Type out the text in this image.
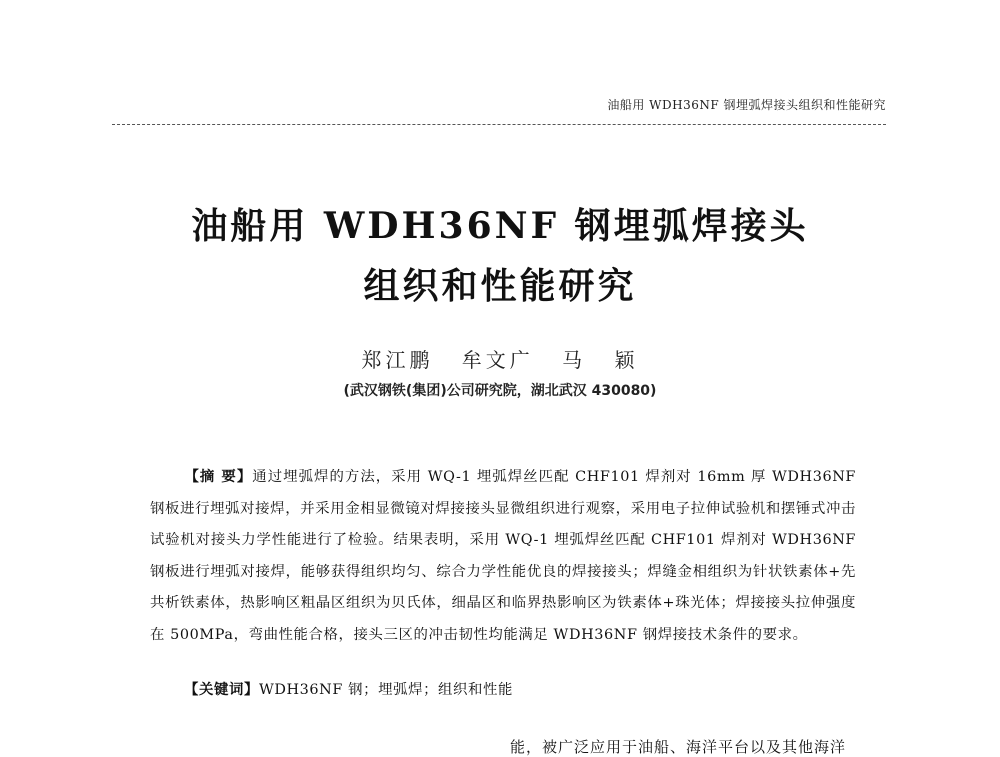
油船用 WDH36NF 钢埋弧焊接头组织和性能研究
油船用 WDH36NF 钢埋弧焊接头
组织和性能研究
郑江鹏 牟文广 马 颖
(武汉钢铁(集团)公司研究院，湖北武汉 430080)
【摘 要】通过埋弧焊的方法，采用 WQ-1 埋弧焊丝匹配 CHF101 焊剂对 16mm 厚 WDH36NF 钢板进行埋弧对接焊，并采用金相显微镜对焊接接头显微组织进行观察，采用电子拉伸试验机和摆锤式冲击试验机对接头力学性能进行了检验。结果表明，采用 WQ-1 埋弧焊丝匹配 CHF101 焊剂对 WDH36NF 钢板进行埋弧对接焊，能够获得组织均匀、综合力学性能优良的焊接接头；焊缝金相组织为针状铁素体+先共析铁素体，热影响区粗晶区组织为贝氏体，细晶区和临界热影响区为铁素体+珠光体；焊接接头拉伸强度在 500MPa，弯曲性能合格，接头三区的冲击韧性均能满足 WDH36NF 钢焊接技术条件的要求。
【关键词】WDH36NF 钢；埋弧焊；组织和性能
能，被广泛应用于油船、海洋平台以及其他海洋
